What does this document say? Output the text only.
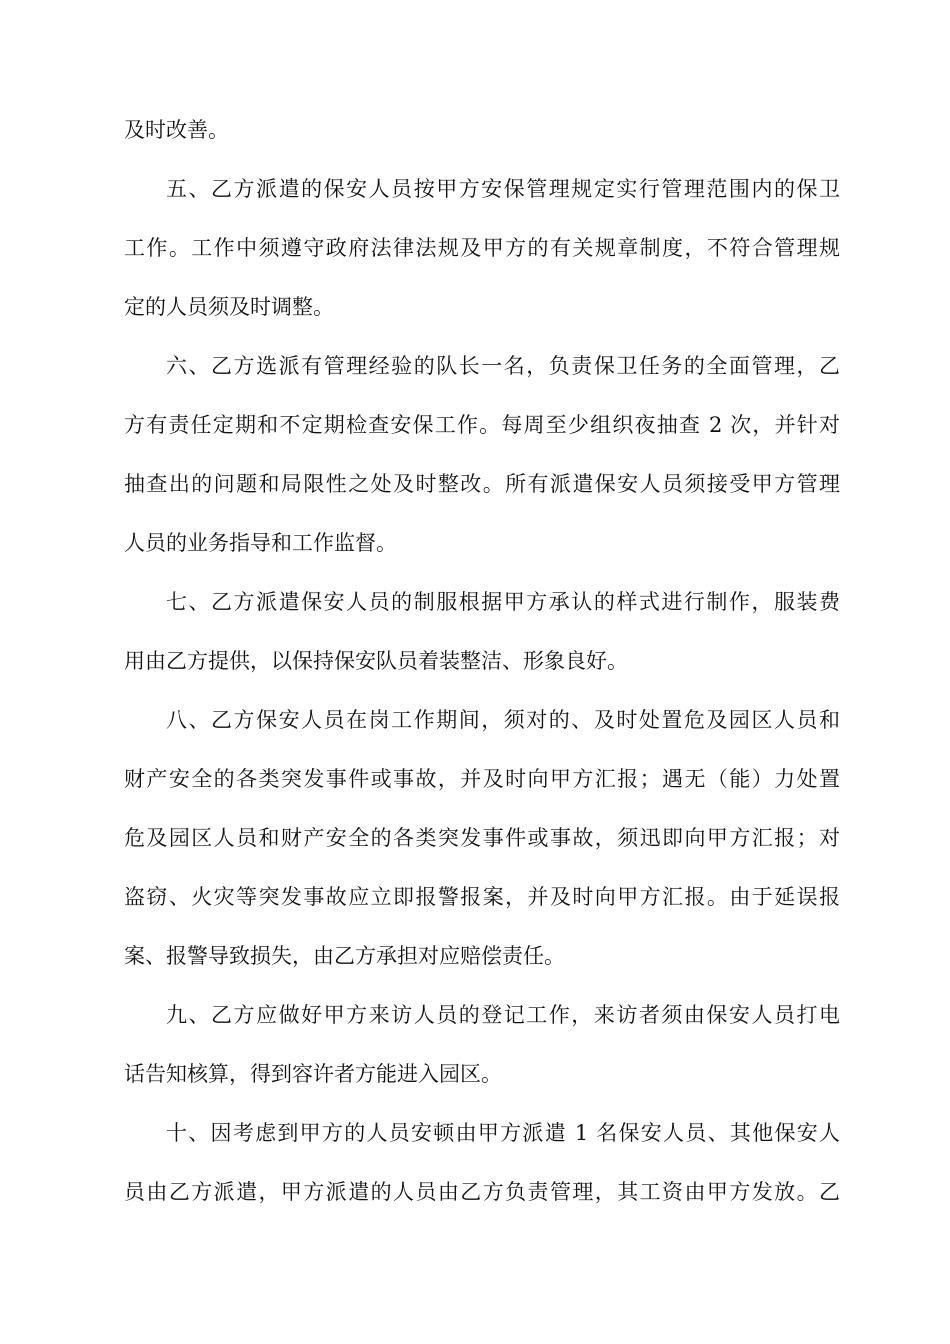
及时改善。
五、乙方派遣的保安人员按甲方安保管理规定实行管理范围内的保卫
工作。工作中须遵守政府法律法规及甲方的有关规章制度，不符合管理规
定的人员须及时调整。
六、乙方选派有管理经验的队长一名，负责保卫任务的全面管理，乙
方有责任定期和不定期检查安保工作。每周至少组织夜抽查 2 次，并针对
抽查出的问题和局限性之处及时整改。所有派遣保安人员须接受甲方管理
人员的业务指导和工作监督。
七、乙方派遣保安人员的制服根据甲方承认的样式进行制作，服装费
用由乙方提供，以保持保安队员着装整洁、形象良好。
八、乙方保安人员在岗工作期间，须对的、及时处置危及园区人员和
财产安全的各类突发事件或事故，并及时向甲方汇报；遇无（能）力处置
危及园区人员和财产安全的各类突发事件或事故，须迅即向甲方汇报；对
盗窃、火灾等突发事故应立即报警报案，并及时向甲方汇报。由于延误报
案、报警导致损失，由乙方承担对应赔偿责任。
九、乙方应做好甲方来访人员的登记工作，来访者须由保安人员打电
话告知核算，得到容许者方能进入园区。
十、因考虑到甲方的人员安顿由甲方派遣 1 名保安人员、其他保安人
员由乙方派遣，甲方派遣的人员由乙方负责管理，其工资由甲方发放。乙
